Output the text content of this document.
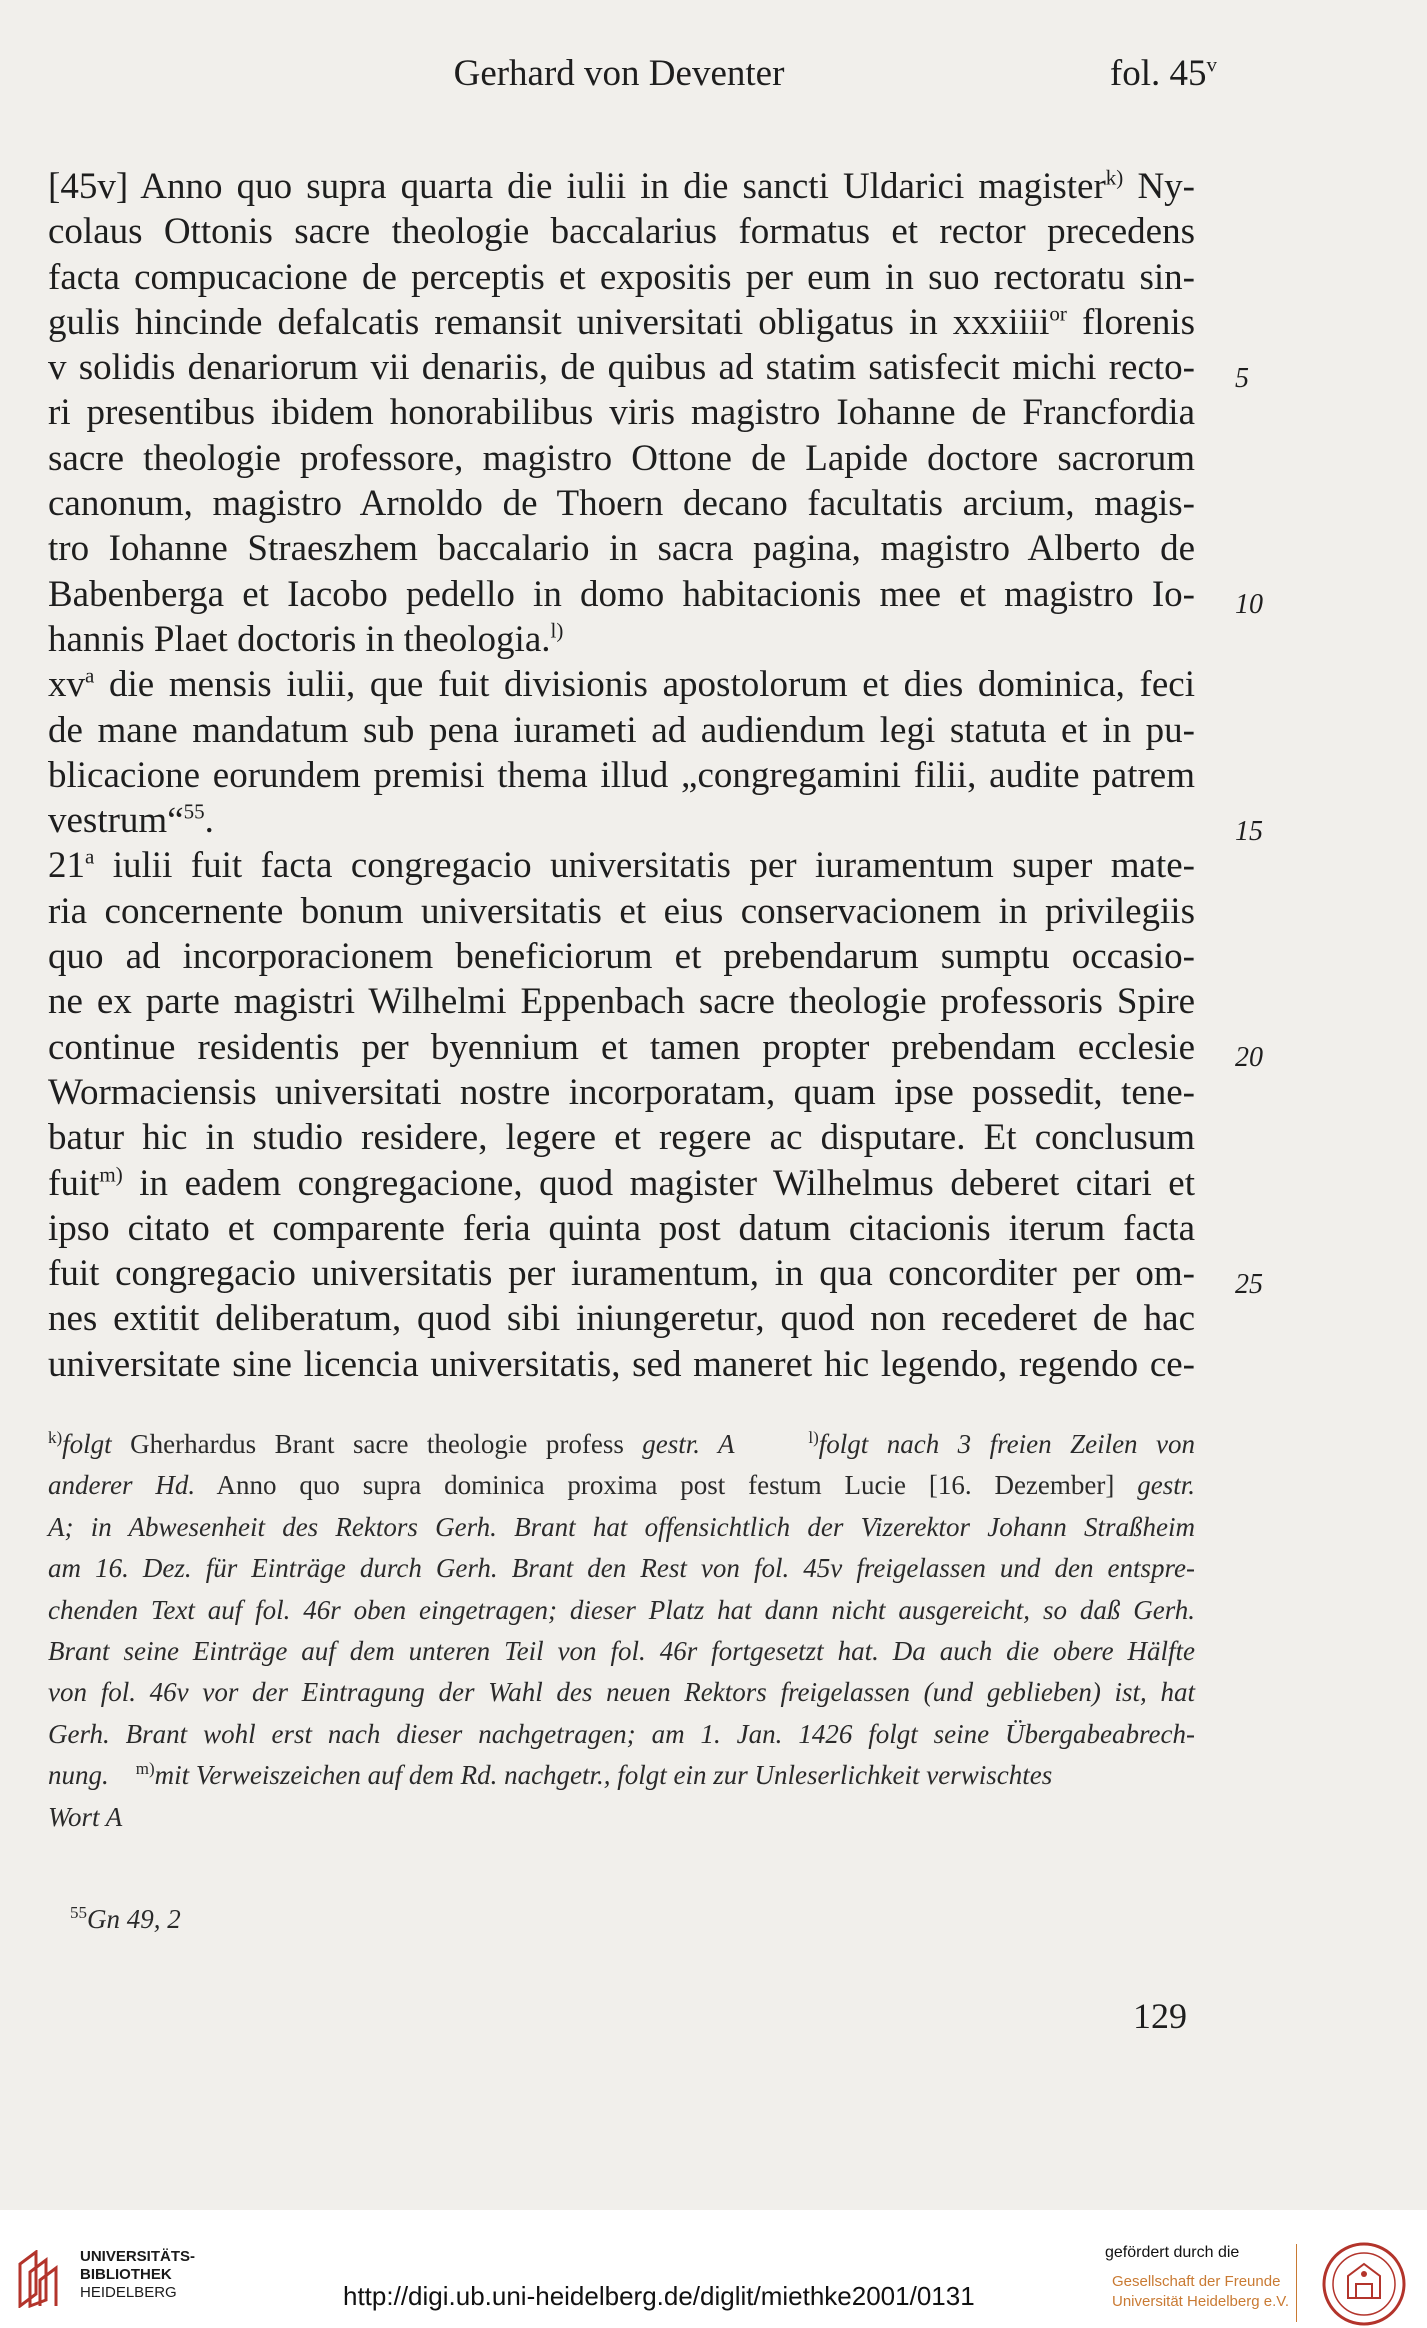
Gerhard von Deventer	fol. 45$^v$
[45v] Anno quo supra quarta die iulii in die sancti Uldarici magister$^{k)}$ Ny-
colaus Ottonis sacre theologie baccalarius formatus et rector precedens
facta compucacione de perceptis et expositis per eum in suo rectoratu sin-
gulis hincinde defalcatis remansit universitati obligatus in xxxiiii$^{or}$ florenis
v solidis denariorum vii denariis, de quibus ad statim satisfecit michi recto-
ri presentibus ibidem honorabilibus viris magistro Iohanne de Francfordia
sacre theologie professore, magistro Ottone de Lapide doctore sacrorum
canonum, magistro Arnoldo de Thoern decano facultatis arcium, magis-
tro Iohanne Straeszhem baccalario in sacra pagina, magistro Alberto de
Babenberga et Iacobo pedello in domo habitacionis mee et magistro Io-
hannis Plaet doctoris in theologia.$^{l)}$
$xv^a$ die mensis iulii, que fuit divisionis apostolorum et dies dominica, feci
de mane mandatum sub pena iurameti ad audiendum legi statuta et in pu-
blicacione eorundem premisi thema illud „congregamini filii, audite patrem
vestrum“$^{55}$.
21$^a$ iulii fuit facta congregacio universitatis per iuramentum super mate-
ria concernente bonum universitatis et eius conservacionem in privilegiis
quo ad incorporacionem beneficiorum et prebendarum sumptu occasio-
ne ex parte magistri Wilhelmi Eppenbach sacre theologie professoris Spire
continue residentis per byennium et tamen propter prebendam ecclesie
Wormaciensis universitati nostre incorporatam, quam ipse possedit, tene-
batur hic in studio residere, legere et regere ac disputare. Et conclusum
fuit$^{m)}$ in eadem congregacione, quod magister Wilhelmus deberet citari et
ipso citato et comparente feria quinta post datum citacionis iterum facta
fuit congregacio universitatis per iuramentum, in qua concorditer per om-
nes extitit deliberatum, quod sibi iniungeretur, quod non recederet de hac
universitate sine licencia universitatis, sed maneret hic legendo, regendo ce-
5
10
15
20
25
$^{k)}$folgt Gherhardus Brant sacre theologie profess gestr. A	$^{l)}$folgt nach 3 freien Zeilen von
anderer Hd. Anno quo supra dominica proxima post festum Lucie [16. Dezember] gestr.
A; in Abwesenheit des Rektors Gerh. Brant hat offensichtlich der Vizerektor Johann Straßheim
am 16. Dez. für Einträge durch Gerh. Brant den Rest von fol. 45v freigelassen und den entspre-
chenden Text auf fol. 46r oben eingetragen; dieser Platz hat dann nicht ausgereicht, so daß Gerh.
Brant seine Einträge auf dem unteren Teil von fol. 46r fortgesetzt hat. Da auch die obere Hälfte
von fol. 46v vor der Eintragung der Wahl des neuen Rektors freigelassen (und geblieben) ist, hat
Gerh. Brant wohl erst nach dieser nachgetragen; am 1. Jan. 1426 folgt seine Übergabeabrech-
nung. $^{m)}$mit Verweiszeichen auf dem Rd. nachgetr., folgt ein zur Unleserlichkeit verwischtes
Wort A
$^{55}$Gn 49, 2
129
UNIVERSITÄTS-
BIBLIOTHEK
HEIDELBERG	http://digi.ub.uni-heidelberg.de/diglit/miethke2001/0131
gefördert durch die
Gesellschaft der Freunde
Universität Heidelberg e.V.
